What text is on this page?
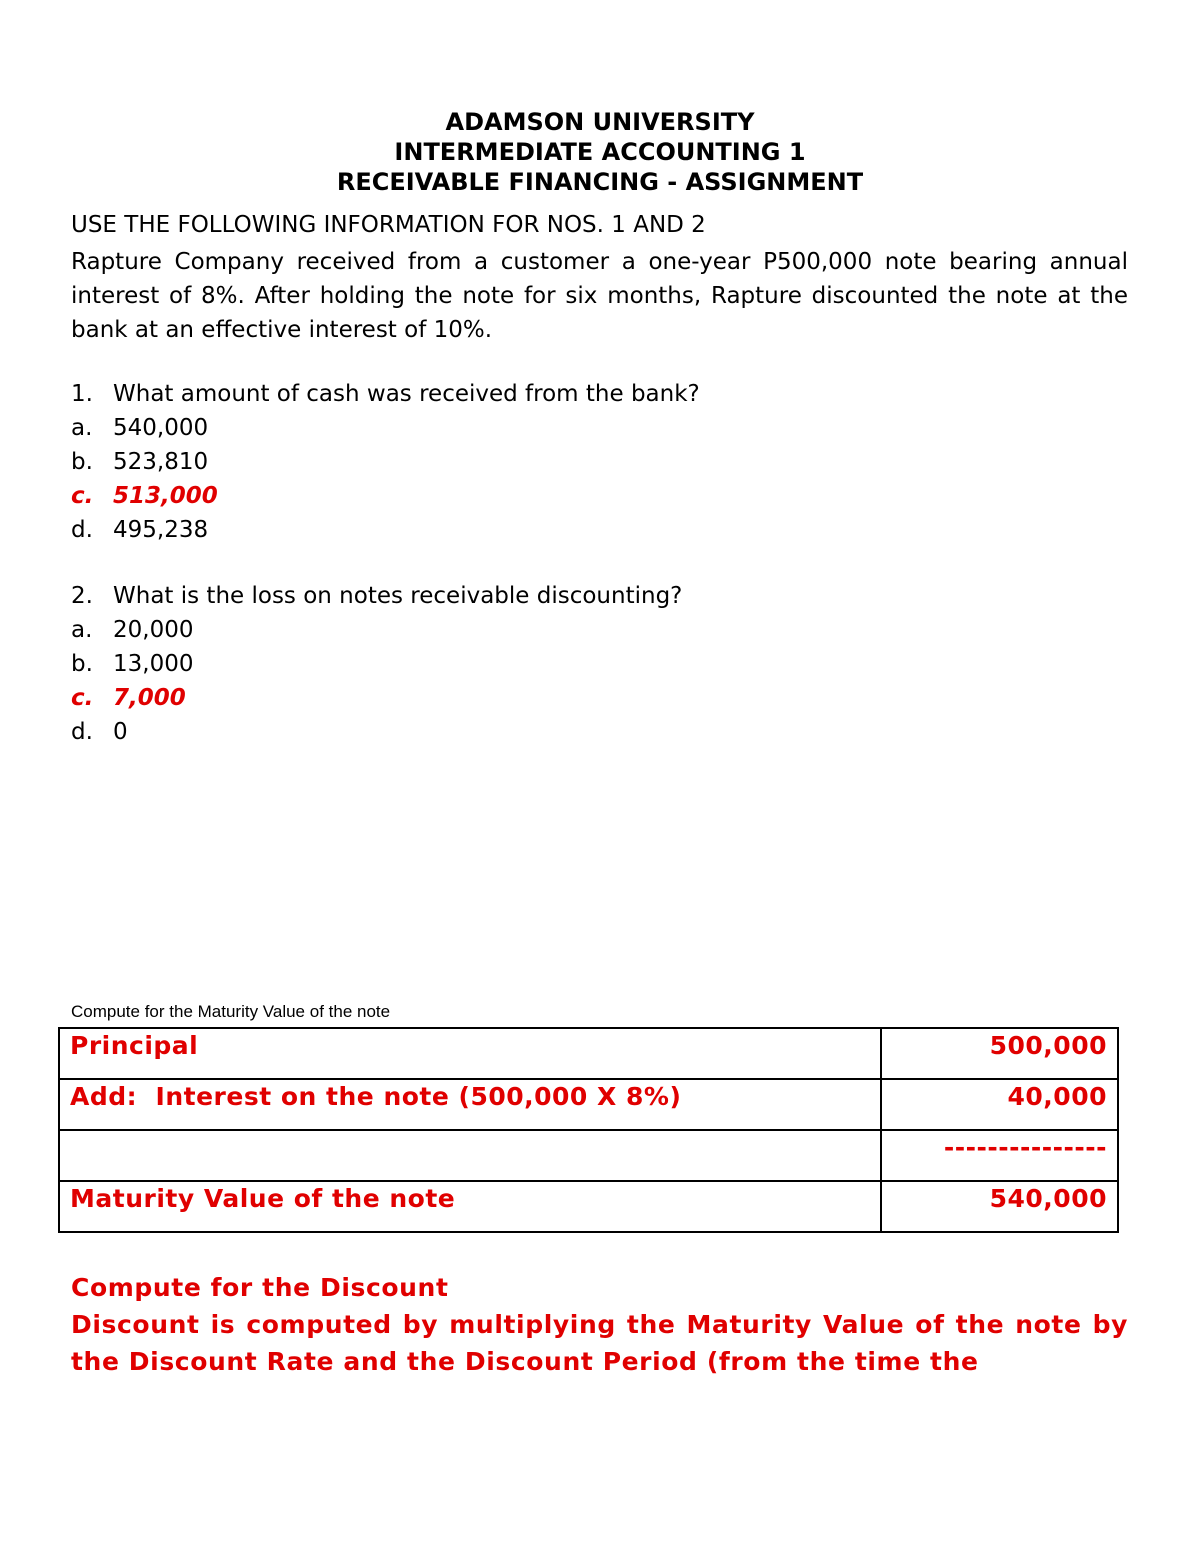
ADAMSON UNIVERSITY
INTERMEDIATE ACCOUNTING 1
RECEIVABLE FINANCING - ASSIGNMENT
USE THE FOLLOWING INFORMATION FOR NOS. 1 AND 2
Rapture Company received from a customer a one-year P500,000 note bearing annual interest of 8%. After holding the note for six months, Rapture discounted the note at the bank at an effective interest of 10%.
1. What amount of cash was received from the bank?
a. 540,000
b. 523,810
c. 513,000
d. 495,238
2. What is the loss on notes receivable discounting?
a. 20,000
b. 13,000
c. 7,000
d. 0
Compute for the Maturity Value of the note
Principal	500,000
Add:  Interest on the note (500,000 X 8%)	40,000
	---------------
Maturity Value of the note	540,000
Compute for the Discount
Discount is computed by multiplying the Maturity Value of the note by the Discount Rate and the Discount Period (from the time the
